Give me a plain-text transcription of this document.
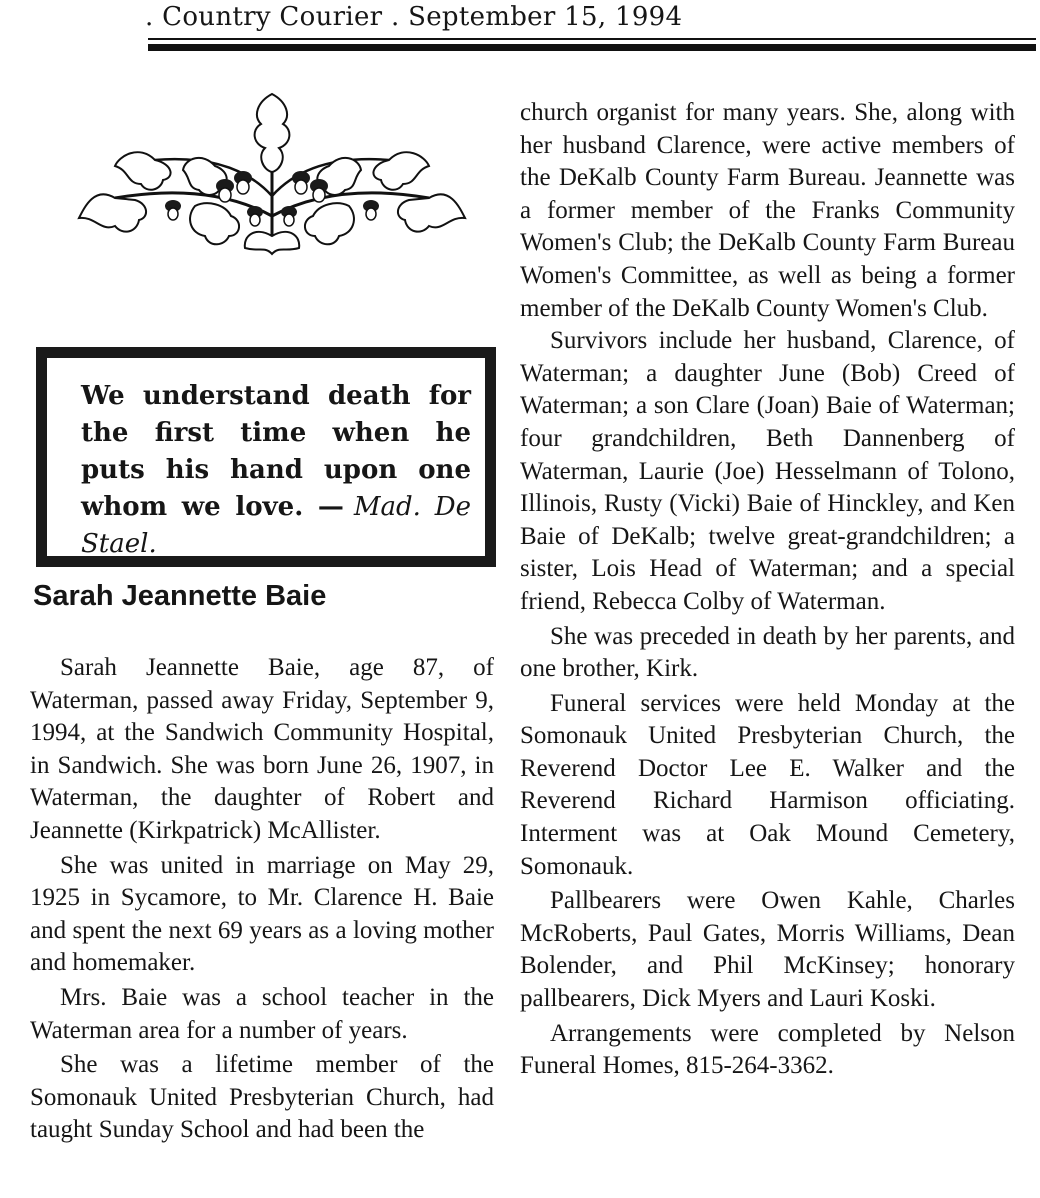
. Country Courier . September 15, 1994
We understand death for the first time when he puts his hand upon one whom we love. — Mad. De Stael.
Sarah Jeannette Baie

Sarah Jeannette Baie, age 87, of Waterman, passed away Friday, September 9, 1994, at the Sandwich Community Hospital, in Sandwich. She was born June 26, 1907, in Waterman, the daughter of Robert and Jeannette (Kirkpatrick) McAllister.

She was united in marriage on May 29, 1925 in Sycamore, to Mr. Clarence H. Baie and spent the next 69 years as a loving mother and homemaker.

Mrs. Baie was a school teacher in the Waterman area for a number of years.

She was a lifetime member of the Somonauk United Presbyterian Church, had taught Sunday School and had been the

church organist for many years. She, along with her husband Clarence, were active members of the DeKalb County Farm Bureau. Jeannette was a former member of the Franks Community Women's Club; the DeKalb County Farm Bureau Women's Committee, as well as being a former member of the DeKalb County Women's Club.

Survivors include her husband, Clarence, of Waterman; a daughter June (Bob) Creed of Waterman; a son Clare (Joan) Baie of Waterman; four grandchildren, Beth Dannenberg of Waterman, Laurie (Joe) Hesselmann of Tolono, Illinois, Rusty (Vicki) Baie of Hinckley, and Ken Baie of DeKalb; twelve great-grandchildren; a sister, Lois Head of Waterman; and a special friend, Rebecca Colby of Waterman.

She was preceded in death by her parents, and one brother, Kirk.

Funeral services were held Monday at the Somonauk United Presbyterian Church, the Reverend Doctor Lee E. Walker and the Reverend Richard Harmison officiating. Interment was at Oak Mound Cemetery, Somonauk.

Pallbearers were Owen Kahle, Charles McRoberts, Paul Gates, Morris Williams, Dean Bolender, and Phil McKinsey; honorary pallbearers, Dick Myers and Lauri Koski.

Arrangements were completed by Nelson Funeral Homes, 815-264-3362.
